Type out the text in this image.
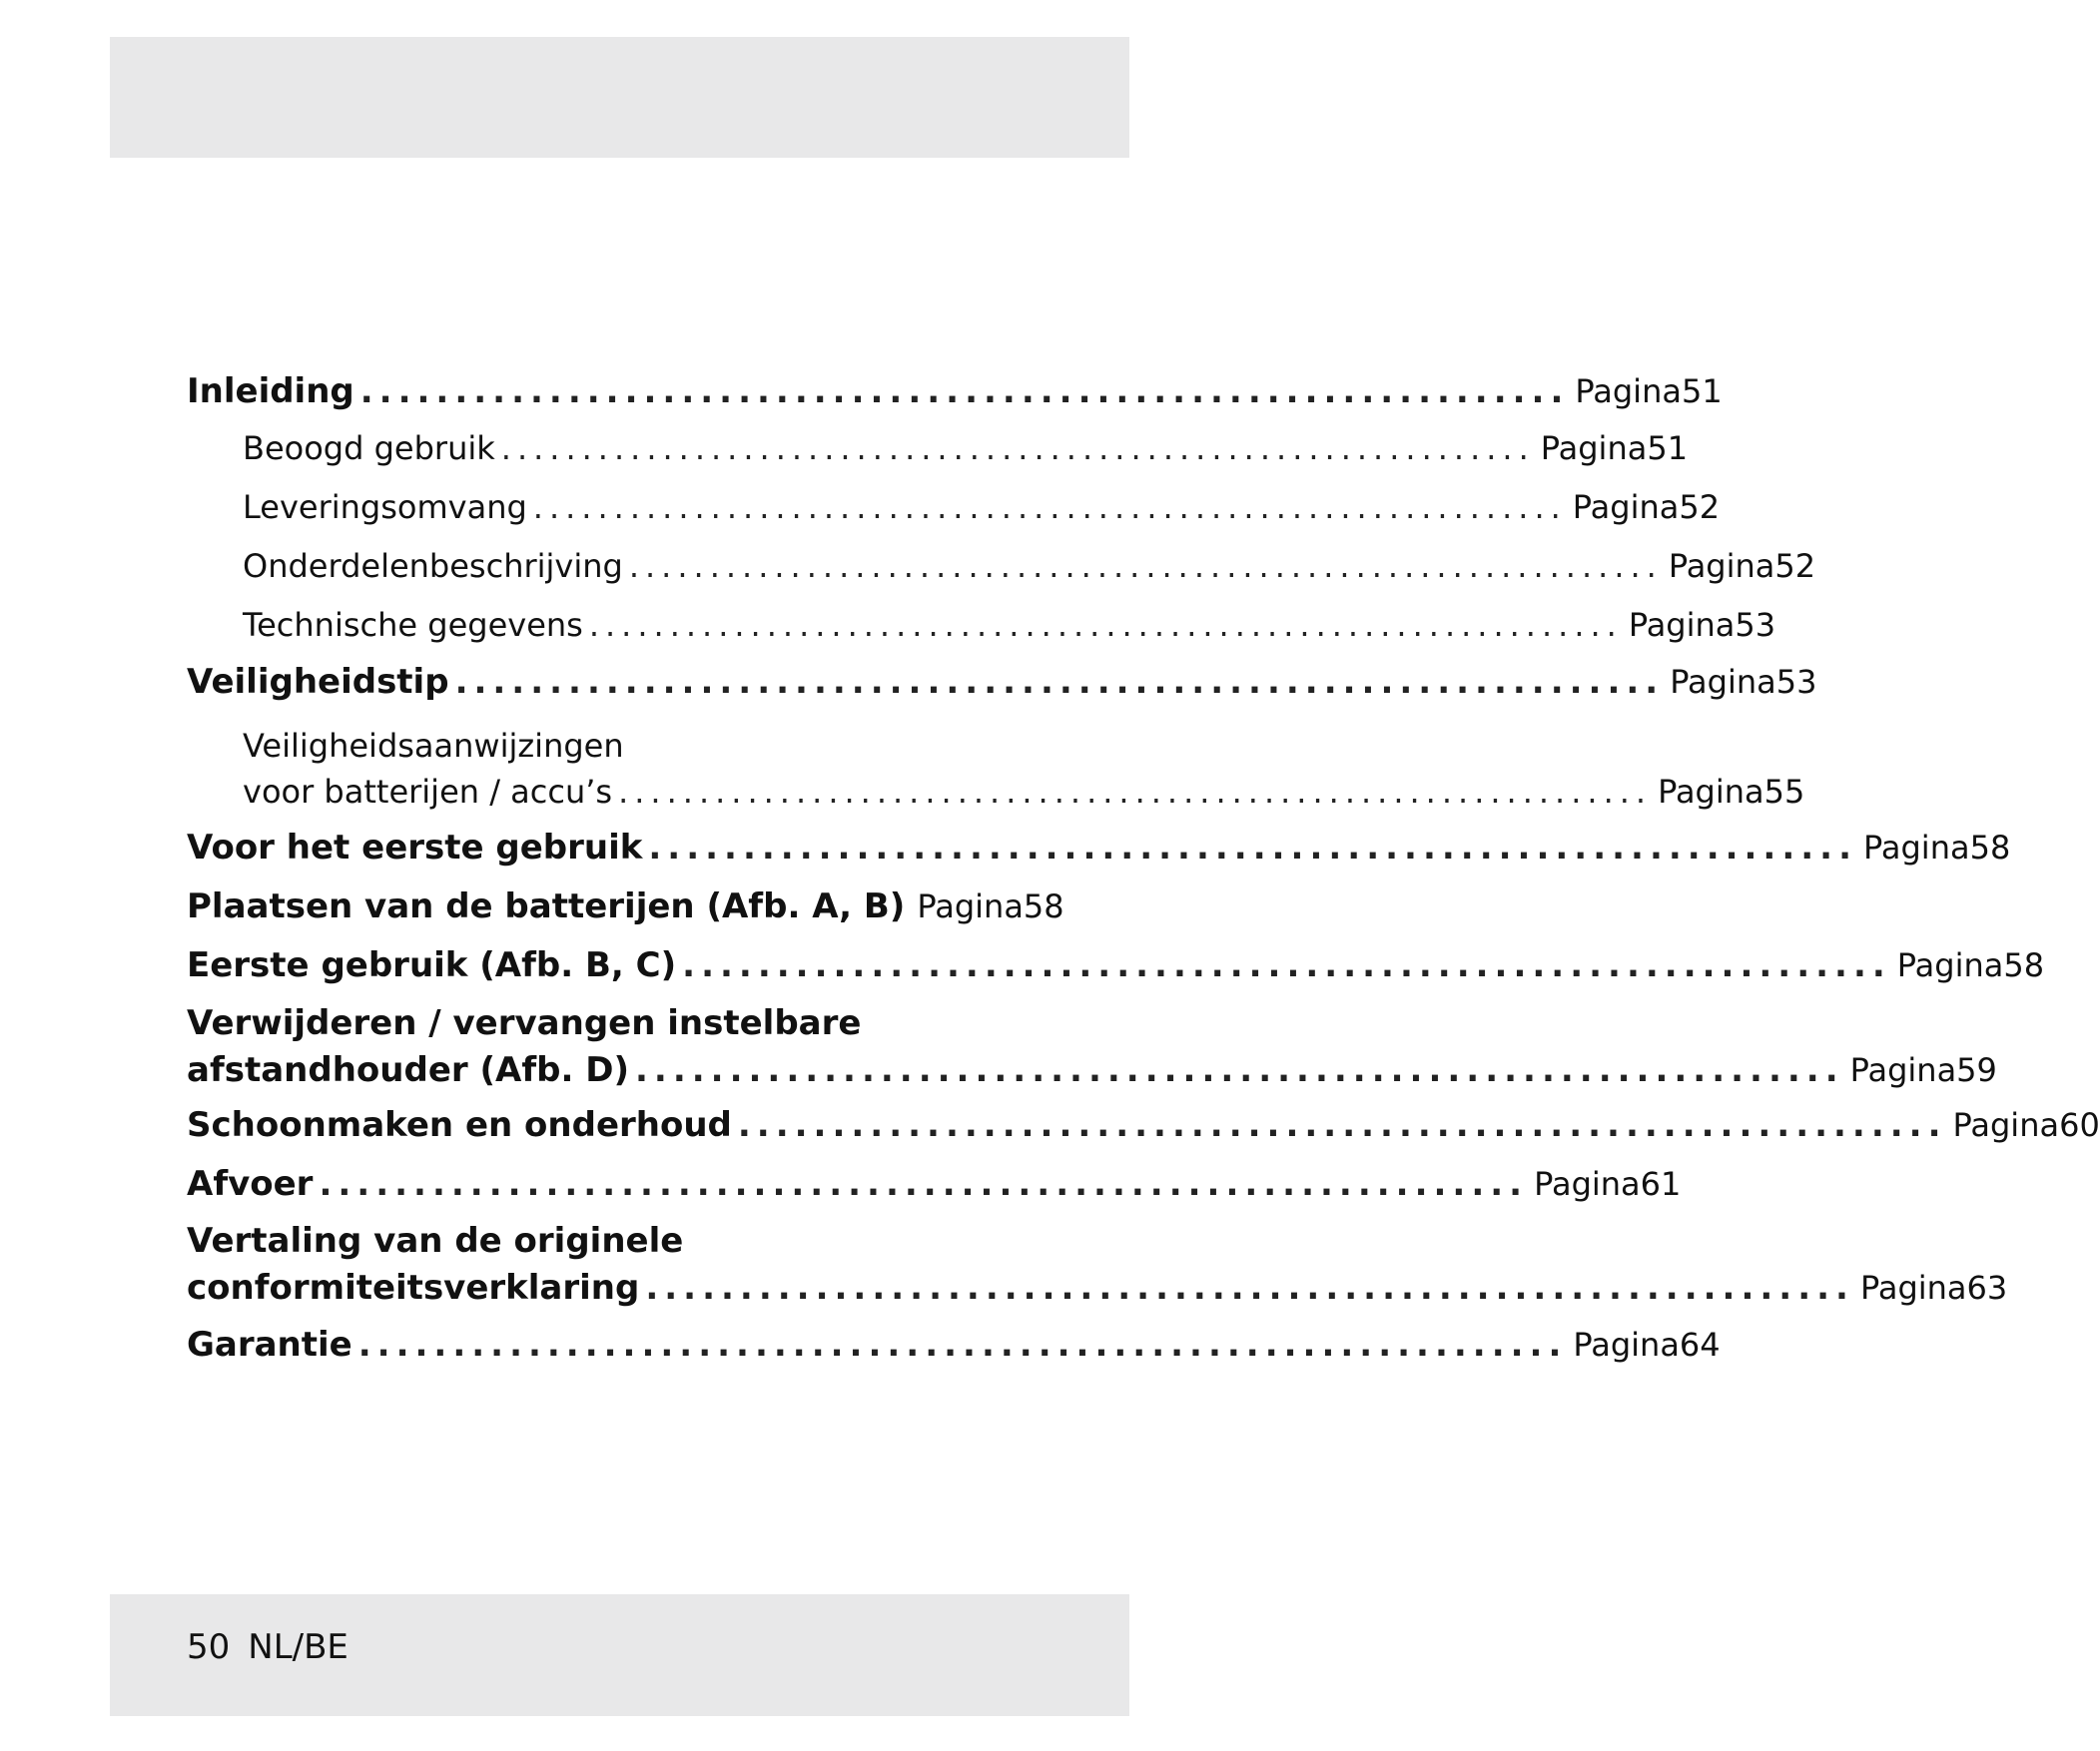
Inleiding ................................................................ Pagina 51
Beoogd gebruik ................................................................ Pagina 51
Leveringsomvang ................................................................ Pagina 52
Onderdelenbeschrijving ................................................................ Pagina 52
Technische gegevens ................................................................ Pagina 53
Veiligheidstip ................................................................ Pagina 53
Veiligheidsaanwijzingen
voor batterijen / accu’s ................................................................ Pagina 55
Voor het eerste gebruik ................................................................ Pagina 58
Plaatsen van de batterijen (Afb. A, B) Pagina 58
Eerste gebruik (Afb. B, C) ................................................................ Pagina 58
Verwijderen / vervangen instelbare
afstandhouder (Afb. D) ................................................................ Pagina 59
Schoonmaken en onderhoud ................................................................ Pagina 60
Afvoer ................................................................ Pagina 61
Vertaling van de originele
conformiteitsverklaring ................................................................ Pagina 63
Garantie ................................................................ Pagina 64
50 NL/BE
